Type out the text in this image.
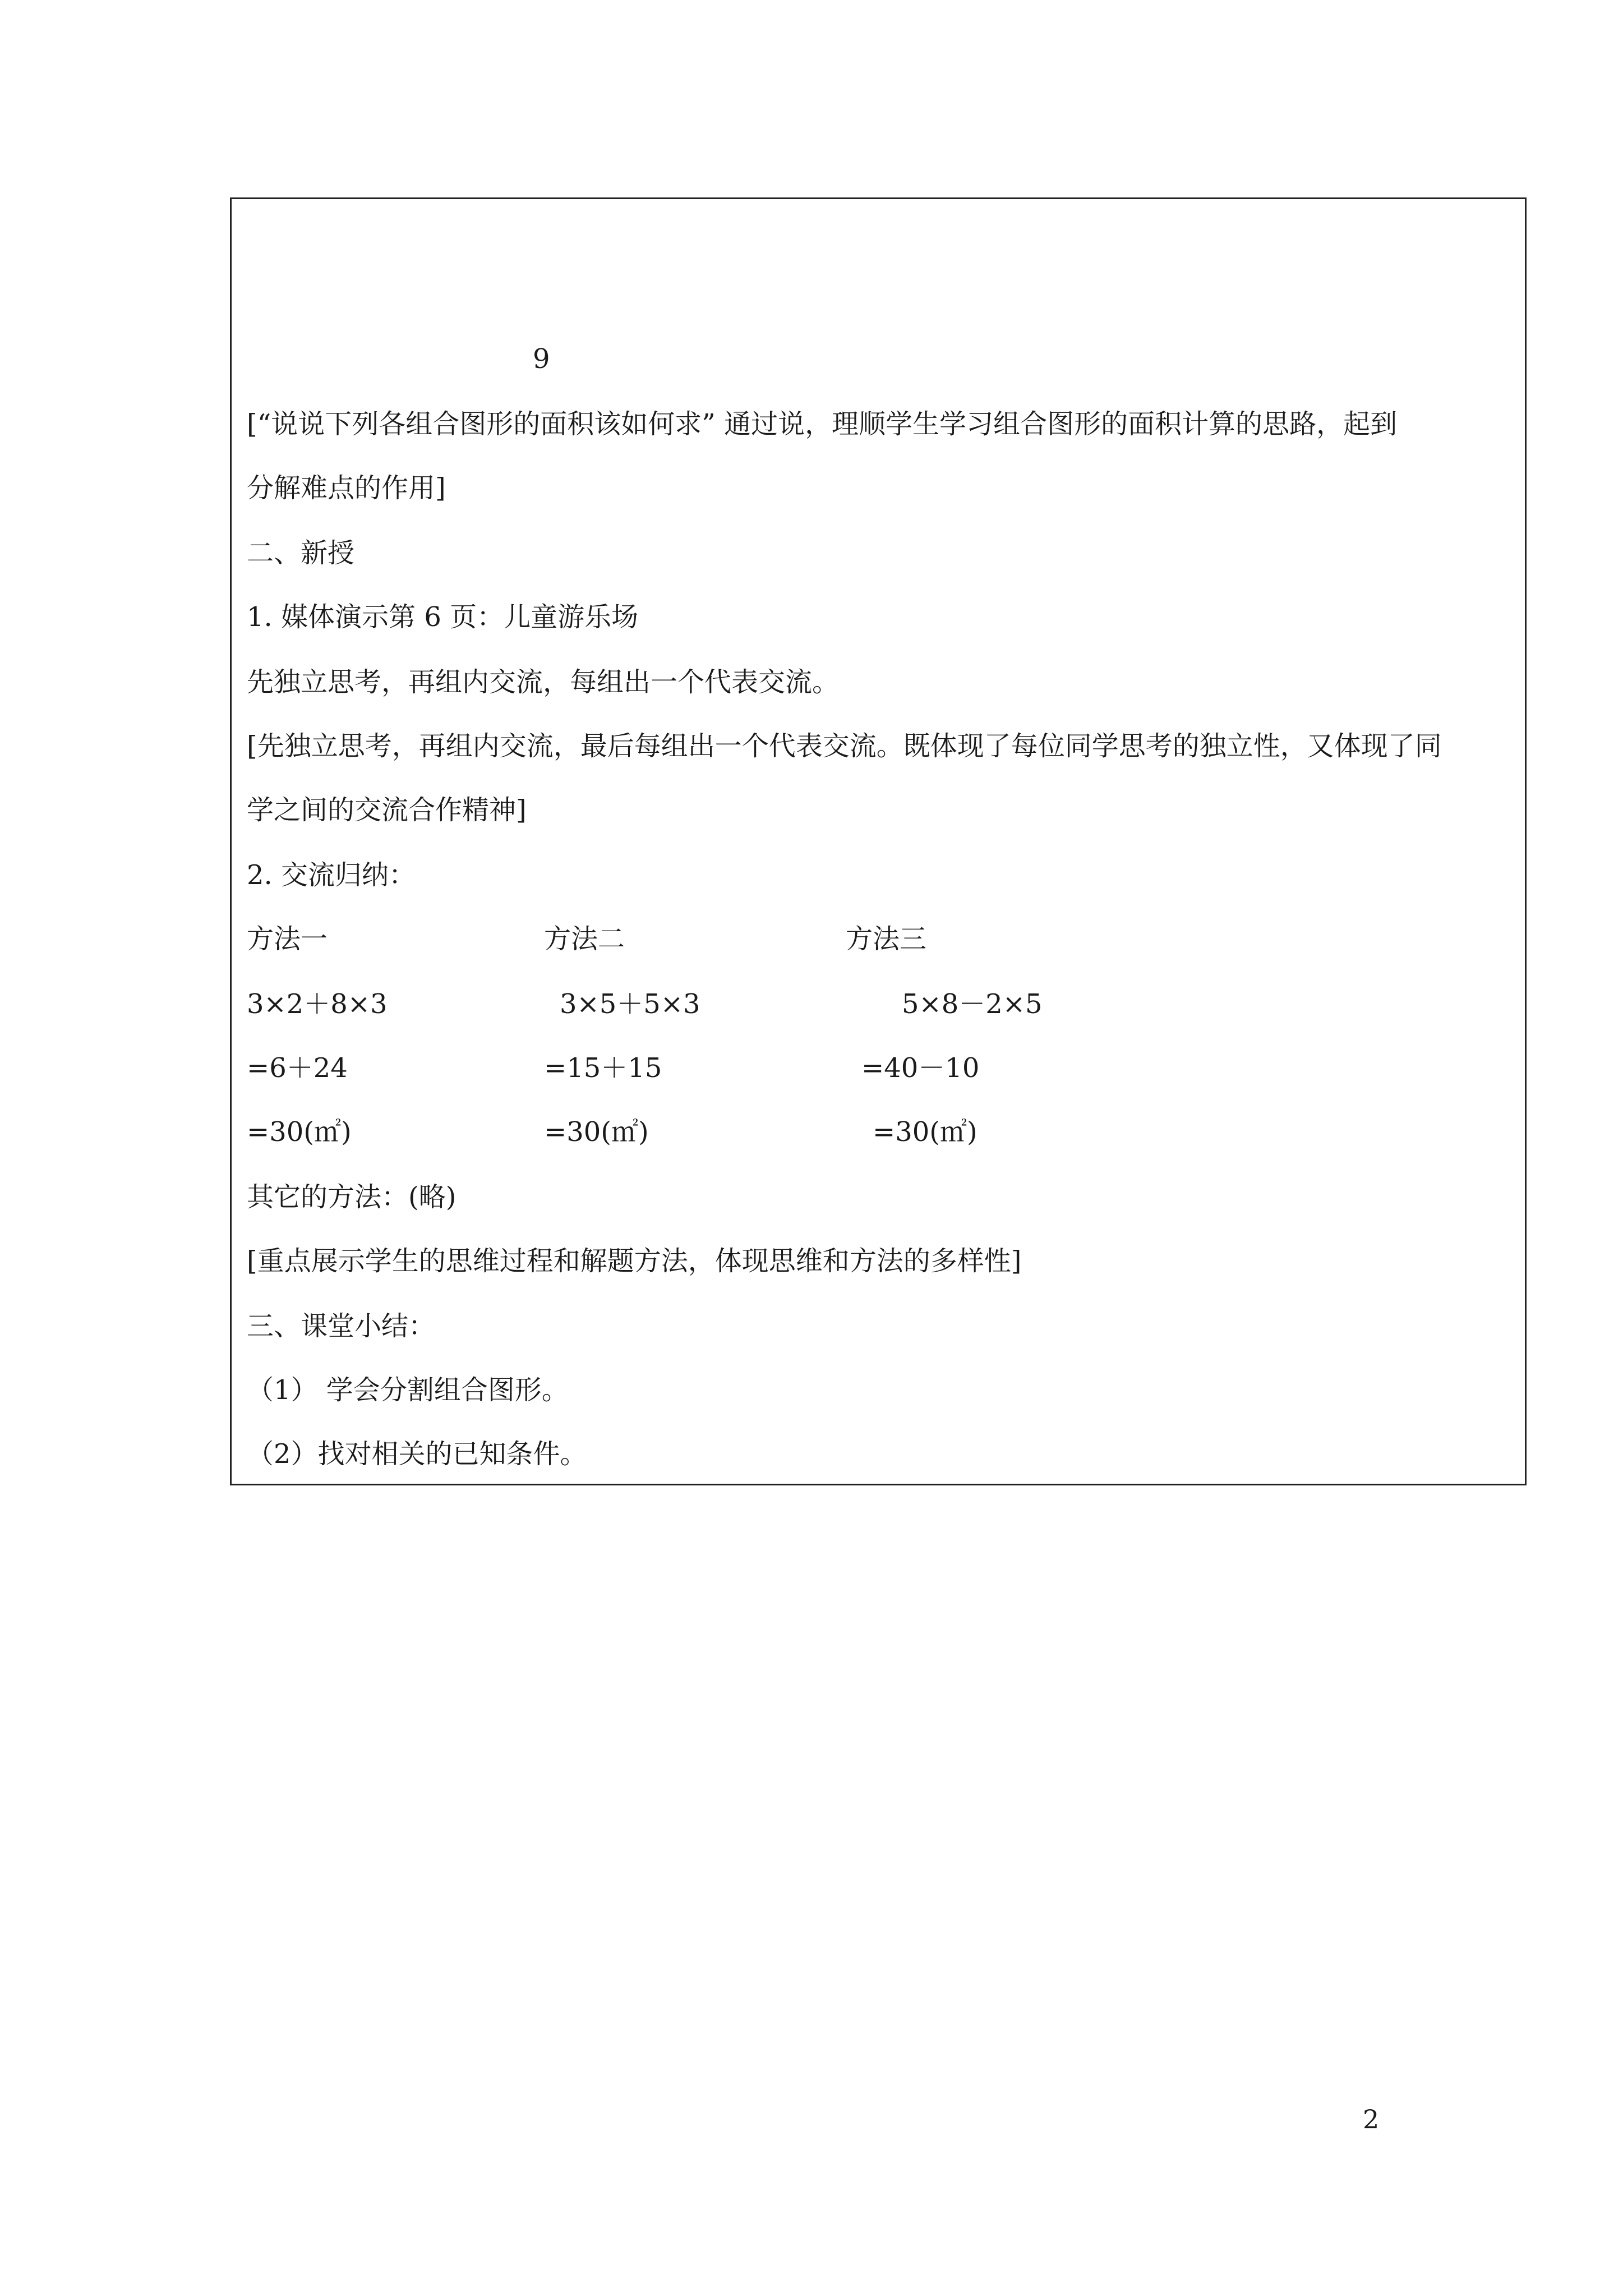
9
[“说说下列各组合图形的面积该如何求” 通过说，理顺学生学习组合图形的面积计算的思路，起到
分解难点的作用]
二、新授
1. 媒体演示第 6 页：儿童游乐场
先独立思考，再组内交流，每组出一个代表交流。
[先独立思考，再组内交流，最后每组出一个代表交流。既体现了每位同学思考的独立性，又体现了同
学之间的交流合作精神]
2. 交流归纳：
方法一	方法二	方法三
3×2＋8×3	3×5＋5×3	5×8－2×5
=6＋24	=15＋15	=40－10
=30(㎡)	=30(㎡)	=30(㎡)
其它的方法：(略)
[重点展示学生的思维过程和解题方法，体现思维和方法的多样性]
三、课堂小结：
（1） 学会分割组合图形。
（2）找对相关的已知条件。
2
